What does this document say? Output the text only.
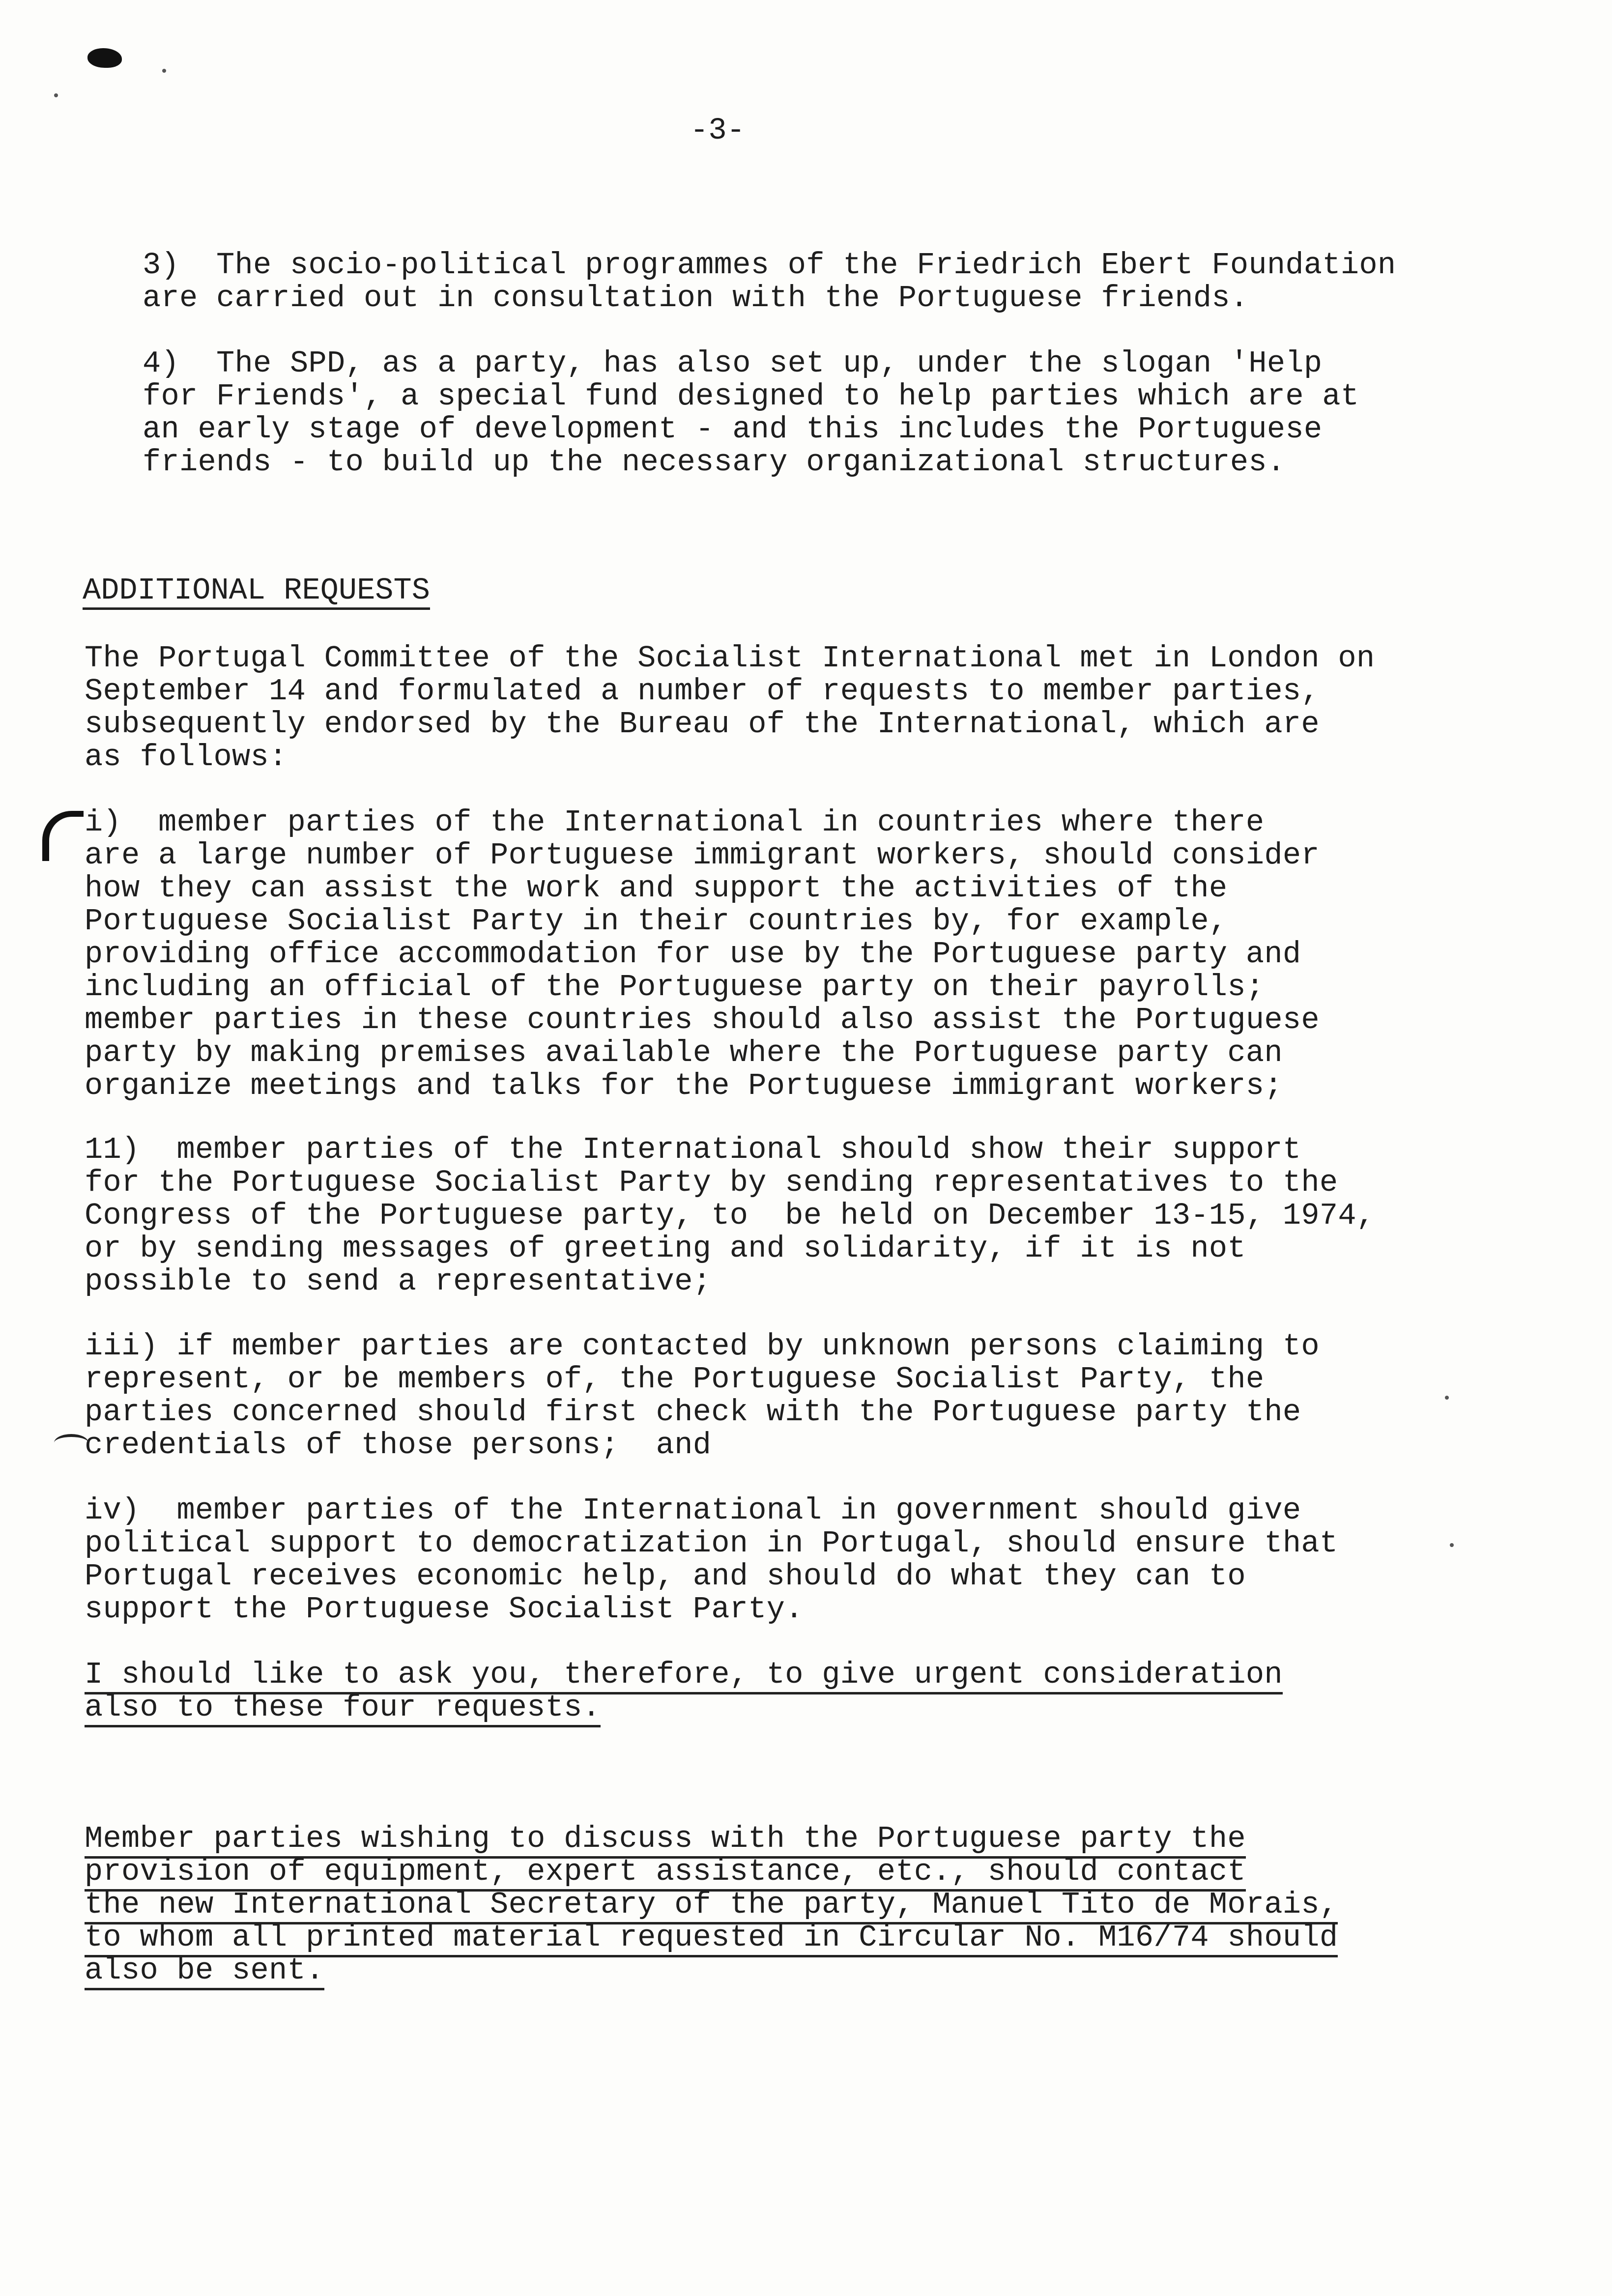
-3-
3)  The socio-political programmes of the Friedrich Ebert Foundation
are carried out in consultation with the Portuguese friends.
4)  The SPD, as a party, has also set up, under the slogan 'Help
for Friends', a special fund designed to help parties which are at
an early stage of development - and this includes the Portuguese
friends - to build up the necessary organizational structures.
ADDITIONAL REQUESTS
The Portugal Committee of the Socialist International met in London on
September 14 and formulated a number of requests to member parties,
subsequently endorsed by the Bureau of the International, which are
as follows:
i)  member parties of the International in countries where there
are a large number of Portuguese immigrant workers, should consider
how they can assist the work and support the activities of the
Portuguese Socialist Party in their countries by, for example,
providing office accommodation for use by the Portuguese party and
including an official of the Portuguese party on their payrolls;
member parties in these countries should also assist the Portuguese
party by making premises available where the Portuguese party can
organize meetings and talks for the Portuguese immigrant workers;
11)  member parties of the International should show their support
for the Portuguese Socialist Party by sending representatives to the
Congress of the Portuguese party, to  be held on December 13-15, 1974,
or by sending messages of greeting and solidarity, if it is not
possible to send a representative;
iii) if member parties are contacted by unknown persons claiming to
represent, or be members of, the Portuguese Socialist Party, the
parties concerned should first check with the Portuguese party the
credentials of those persons;  and
iv)  member parties of the International in government should give
political support to democratization in Portugal, should ensure that
Portugal receives economic help, and should do what they can to
support the Portuguese Socialist Party.
I should like to ask you, therefore, to give urgent consideration
also to these four requests.
Member parties wishing to discuss with the Portuguese party the
provision of equipment, expert assistance, etc., should contact
the new International Secretary of the party, Manuel Tito de Morais,
to whom all printed material requested in Circular No. M16/74 should
also be sent.
